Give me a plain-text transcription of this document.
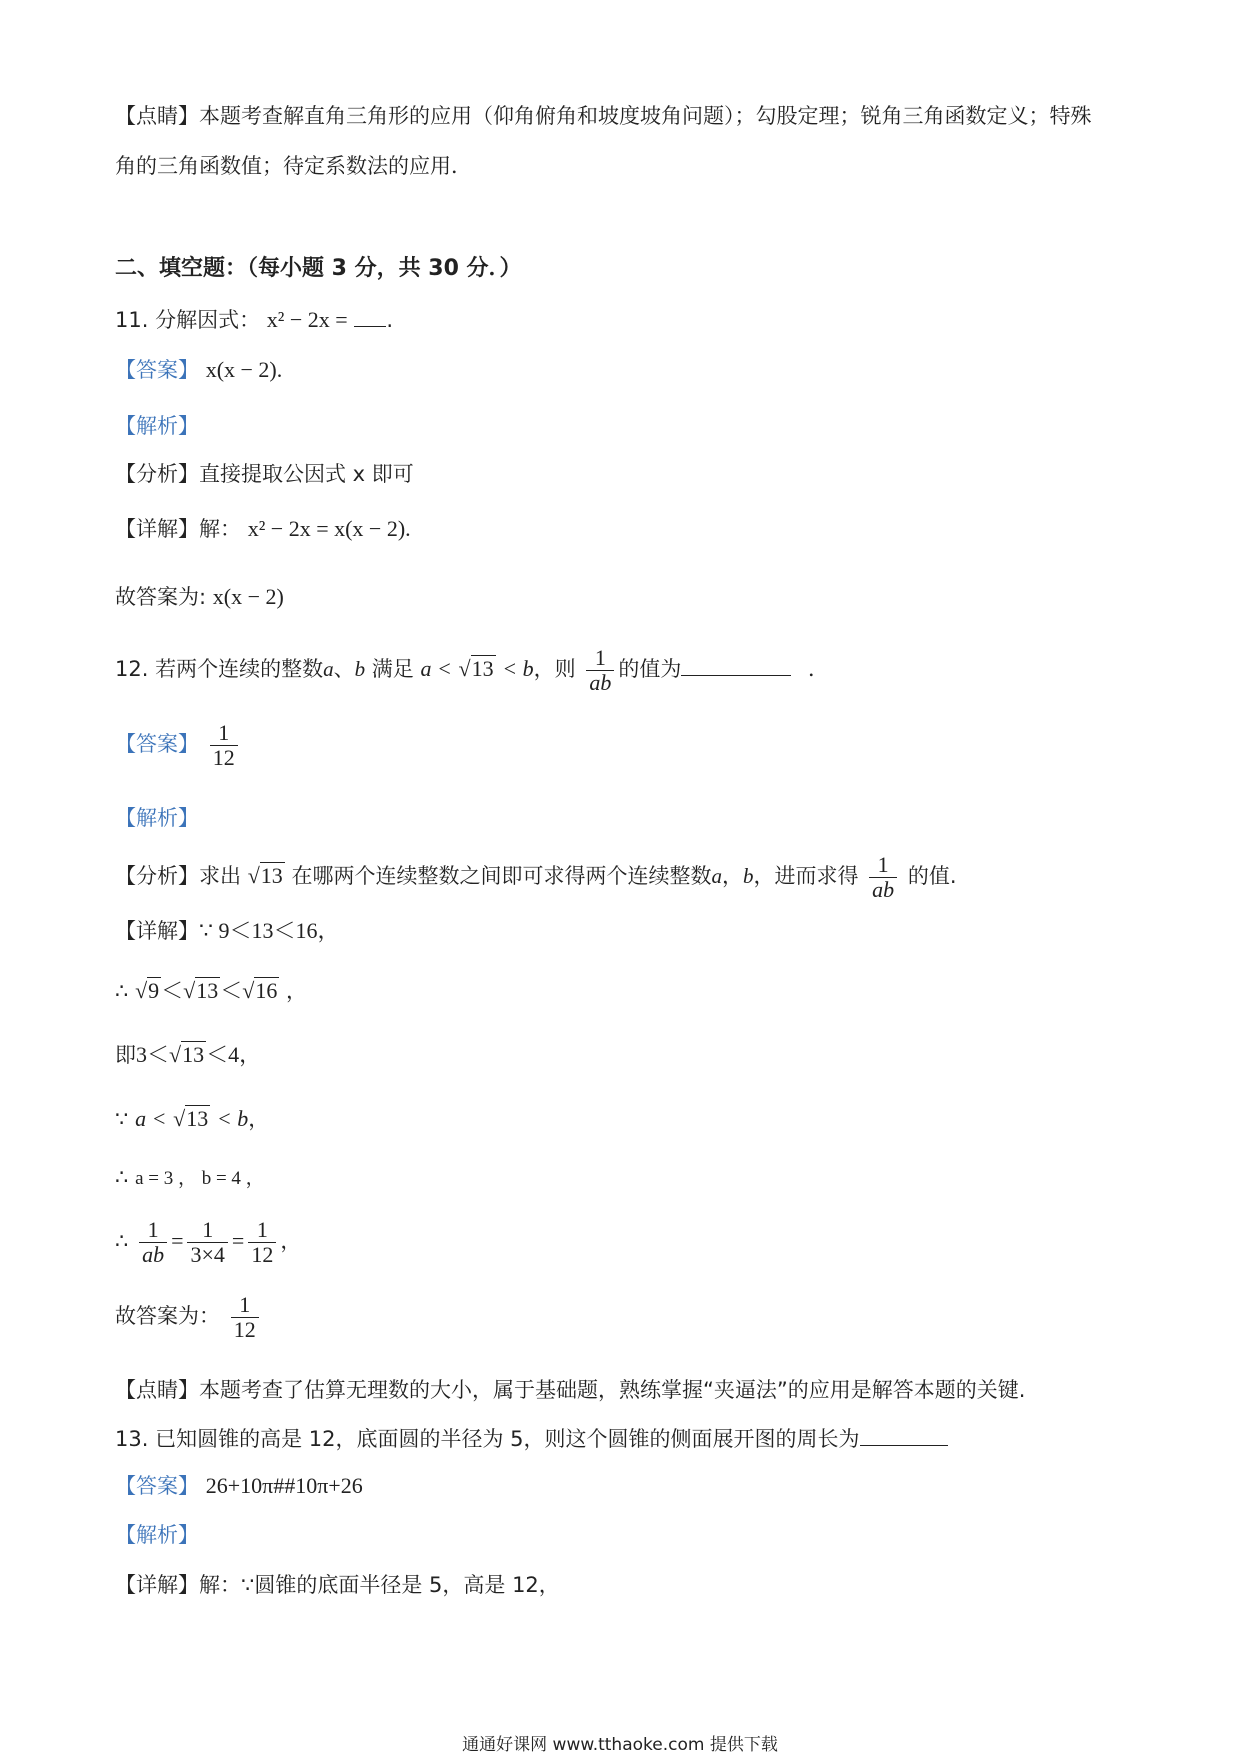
【点睛】本题考查解直角三角形的应用（仰角俯角和坡度坡角问题）；勾股定理；锐角三角函数定义；特殊
角的三角函数值；待定系数法的应用．
二、填空题：（每小题 3 分，共 30 分．）
11. 分解因式： x² − 2x = .
【答案】 x(x − 2).
【解析】
【分析】直接提取公因式 x 即可
【详解】解： x² − 2x = x(x − 2).
故答案为: x(x − 2)
12. 若两个连续的整数a、b 满足 a < √13 < b，则 $\frac{1}{ab}$ 的值为	．
【答案】 $\frac{1}{12}$
【解析】
【分析】求出 √13 在哪两个连续整数之间即可求得两个连续整数a，b，进而求得 $\frac{1}{ab}$ 的值.
【详解】∵ 9＜13＜16，
∴ √9＜√13＜√16 ，
即3＜√13＜4，
∵ a < √13 < b，
∴ a = 3 ， b = 4 ，
∴ $\frac{1}{ab} = \frac{1}{3\times 4} = \frac{1}{12}$ ，
故答案为： $\frac{1}{12}$
【点睛】本题考查了估算无理数的大小，属于基础题，熟练掌握“夹逼法”的应用是解答本题的关键.
13. 已知圆锥的高是 12，底面圆的半径为 5，则这个圆锥的侧面展开图的周长为
【答案】 26+10π##10π+26
【解析】
【详解】解：∵圆锥的底面半径是 5，高是 12，
通通好课网 www.tthaoke.com 提供下载
